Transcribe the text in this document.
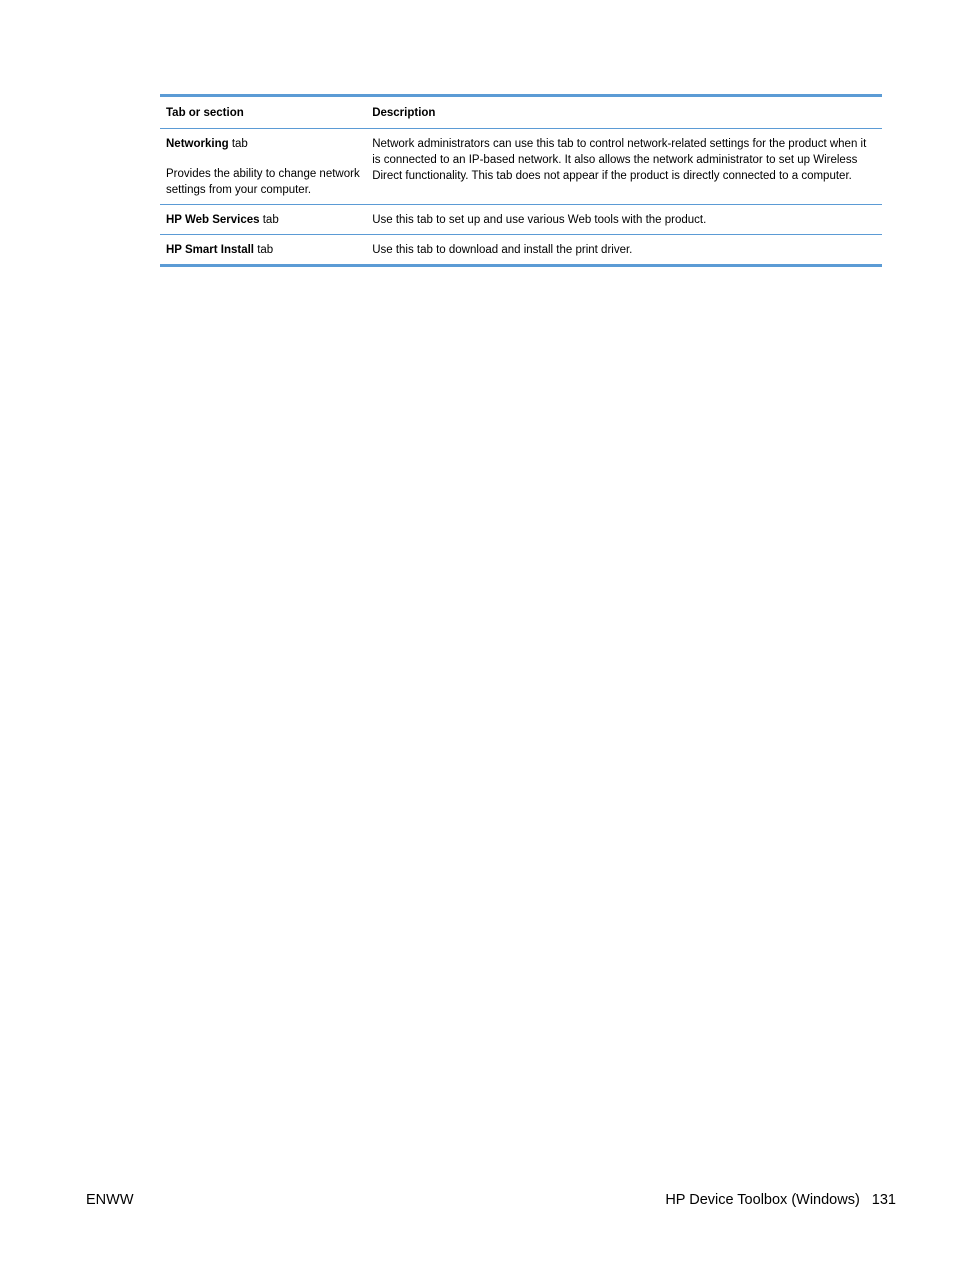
Tab or section	Description

Networking tab
Provides the ability to change network settings from your computer.	Network administrators can use this tab to control network-related settings for the product when it is connected to an IP-based network. It also allows the network administrator to set up Wireless Direct functionality. This tab does not appear if the product is directly connected to a computer.
HP Web Services tab	Use this tab to set up and use various Web tools with the product.
HP Smart Install tab	Use this tab to download and install the print driver.
ENWW	HP Device Toolbox (Windows) 131
